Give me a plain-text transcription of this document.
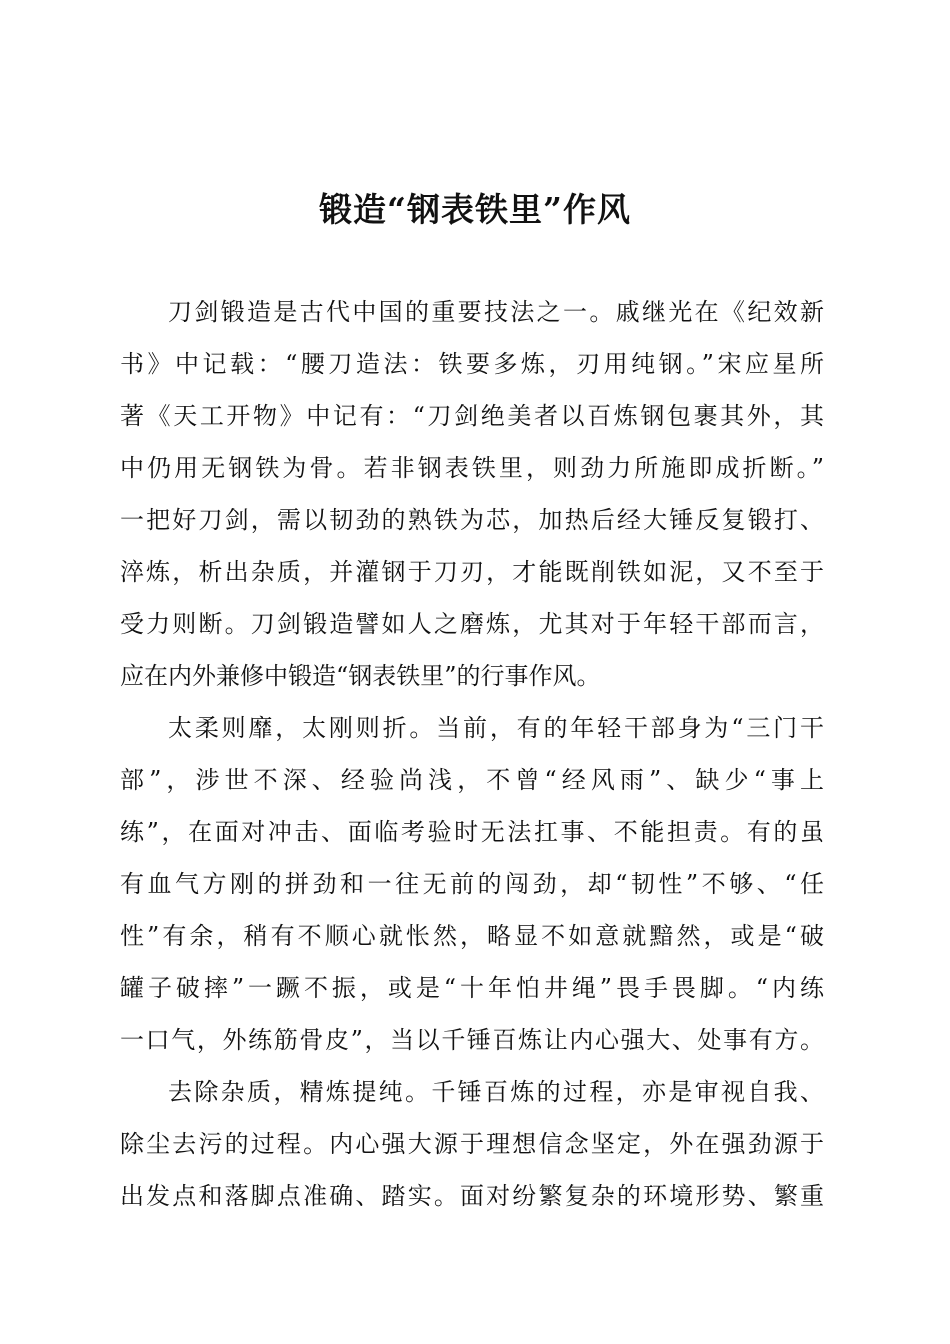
锻造“钢表铁里”作风
刀剑锻造是古代中国的重要技法之一。戚继光在《纪效新
书》中记载：“腰刀造法：铁要多炼，刃用纯钢。”宋应星所
著《天工开物》中记有：“刀剑绝美者以百炼钢包裹其外，其
中仍用无钢铁为骨。若非钢表铁里，则劲力所施即成折断。”
一把好刀剑，需以韧劲的熟铁为芯，加热后经大锤反复锻打、
淬炼，析出杂质，并灌钢于刀刃，才能既削铁如泥，又不至于
受力则断。刀剑锻造譬如人之磨炼，尤其对于年轻干部而言，
应在内外兼修中锻造“钢表铁里”的行事作风。
太柔则靡，太刚则折。当前，有的年轻干部身为“三门干
部”，涉世不深、经验尚浅，不曾“经风雨”、缺少“事上
练”，在面对冲击、面临考验时无法扛事、不能担责。有的虽
有血气方刚的拼劲和一往无前的闯劲，却“韧性”不够、“任
性”有余，稍有不顺心就怅然，略显不如意就黯然，或是“破
罐子破摔”一蹶不振，或是“十年怕井绳”畏手畏脚。“内练
一口气，外练筋骨皮”，当以千锤百炼让内心强大、处事有方。
去除杂质，精炼提纯。千锤百炼的过程，亦是审视自我、
除尘去污的过程。内心强大源于理想信念坚定，外在强劲源于
出发点和落脚点准确、踏实。面对纷繁复杂的环境形势、繁重
